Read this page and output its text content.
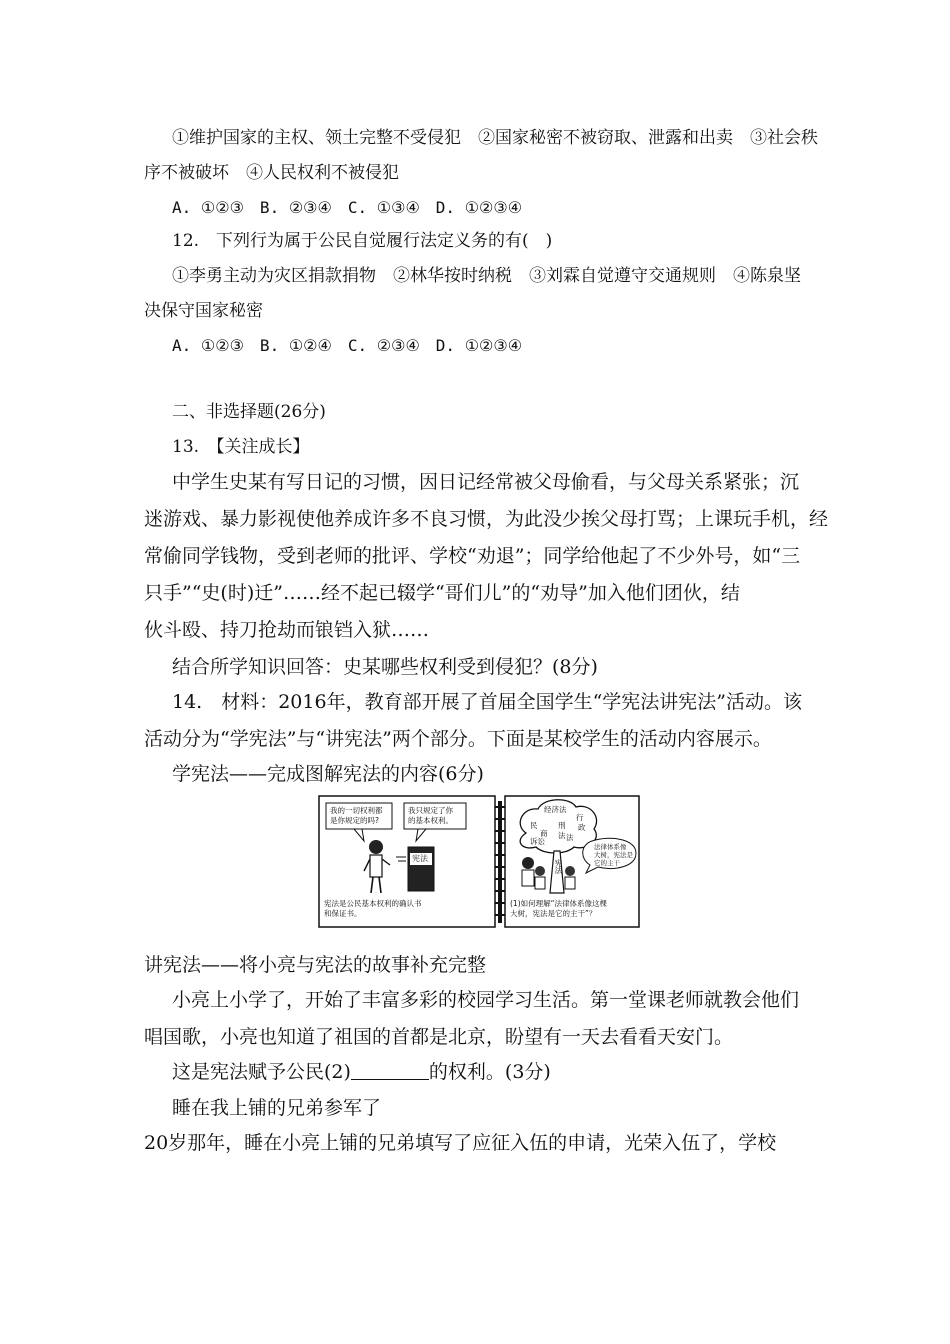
①维护国家的主权、领土完整不受侵犯　②国家秘密不被窃取、泄露和出卖　③社会秩
序不被破坏　④人民权利不被侵犯
A. ①②③　B. ②③④　C. ①③④　D. ①②③④
12.　下列行为属于公民自觉履行法定义务的有(　)
①李勇主动为灾区捐款捐物　②林华按时纳税　③刘霖自觉遵守交通规则　④陈泉坚
决保守国家秘密
A. ①②③　B. ①②④　C. ②③④　D. ①②③④
二、非选择题(26分)
13.　【关注成长】
中学生史某有写日记的习惯，因日记经常被父母偷看，与父母关系紧张；沉
迷游戏、暴力影视使他养成许多不良习惯，为此没少挨父母打骂；上课玩手机，经
常偷同学钱物，受到老师的批评、学校“劝退”；同学给他起了不少外号，如“三
只手”“史(时)迁”……经不起已辍学“哥们儿”的“劝导”加入他们团伙，结
伙斗殴、持刀抢劫而锒铛入狱……
结合所学知识回答：史某哪些权利受到侵犯？(8分)
14.　材料：2016年，教育部开展了首届全国学生“学宪法讲宪法”活动。该
活动分为“学宪法”与“讲宪法”两个部分。下面是某校学生的活动内容展示。
学宪法——完成图解宪法的内容(6分)
我的一切权利都
是你规定的吗?
我只规定了你
的基本权利。
宪法
宪法是公民基本权利的确认书
和保证书。
经济法
行
政
法
刑
法
民
商
诉讼
宪法
法律体系像
大树，宪法是
它的主干
(1)如何理解“法律体系像这棵
大树，宪法是它的主干”？
讲宪法——将小亮与宪法的故事补充完整
小亮上小学了，开始了丰富多彩的校园学习生活。第一堂课老师就教会他们
唱国歌，小亮也知道了祖国的首都是北京，盼望有一天去看看天安门。
这是宪法赋予公民(2)	的权利。(3分)
睡在我上铺的兄弟参军了
20岁那年，睡在小亮上铺的兄弟填写了应征入伍的申请，光荣入伍了，学校
